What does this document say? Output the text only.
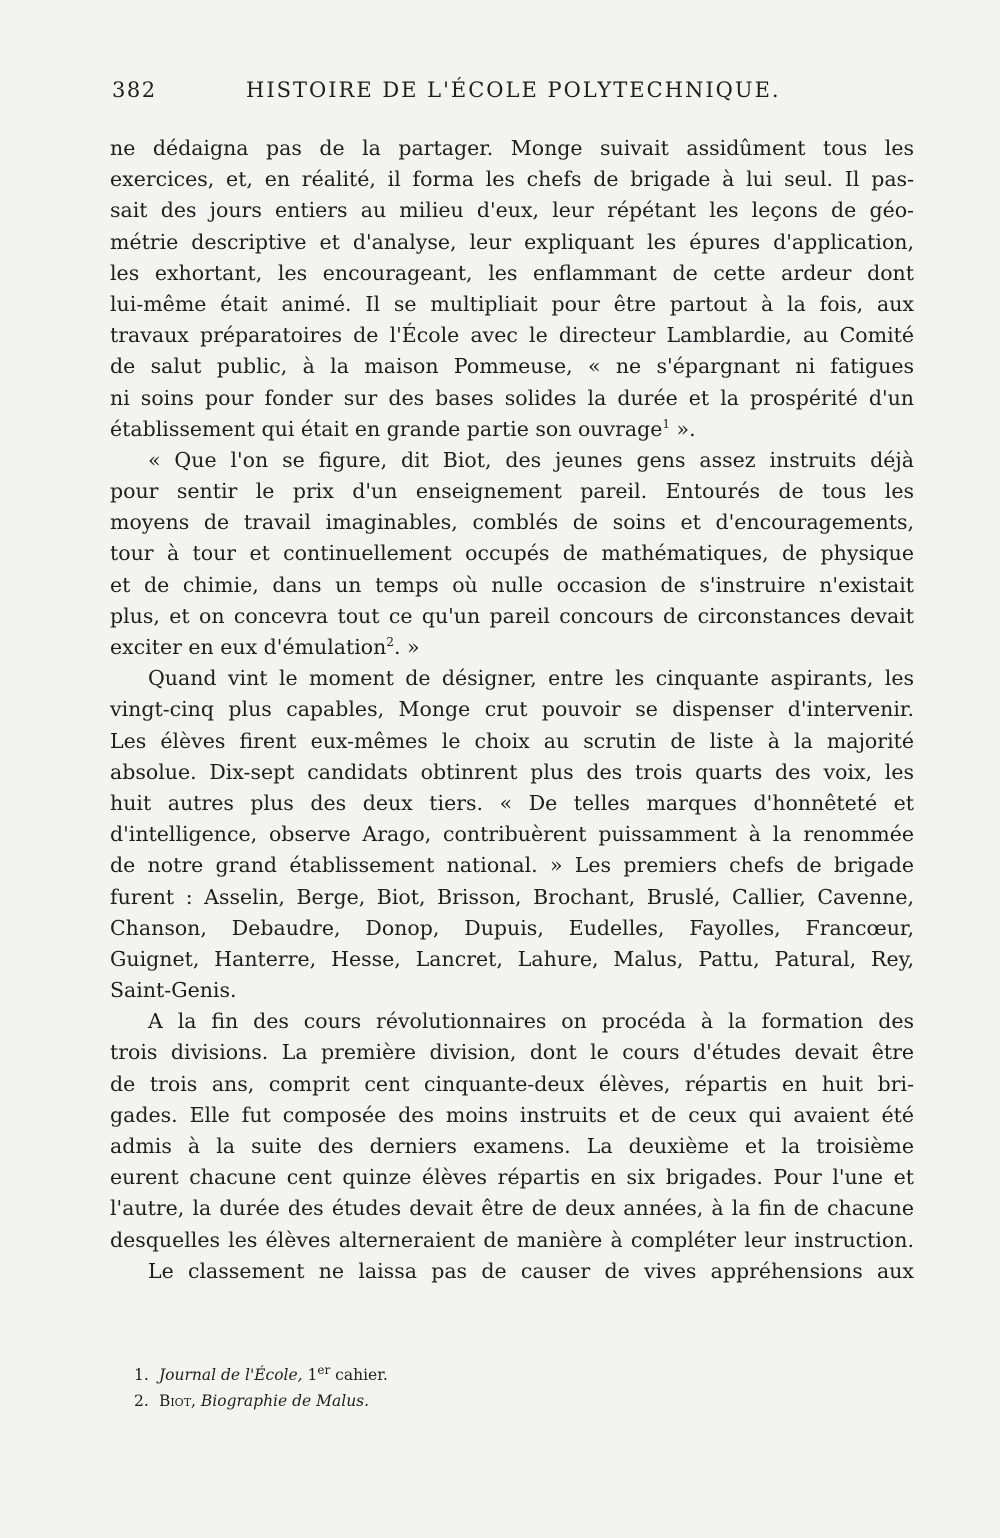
382	HISTOIRE DE L'ÉCOLE POLYTECHNIQUE.
ne dédaigna pas de la partager. Monge suivait assidûment tous les
exercices, et, en réalité, il forma les chefs de brigade à lui seul. Il pas-
sait des jours entiers au milieu d'eux, leur répétant les leçons de géo-
métrie descriptive et d'analyse, leur expliquant les épures d'application,
les exhortant, les encourageant, les enflammant de cette ardeur dont
lui-même était animé. Il se multipliait pour être partout à la fois, aux
travaux préparatoires de l'École avec le directeur Lamblardie, au Comité
de salut public, à la maison Pommeuse, « ne s'épargnant ni fatigues
ni soins pour fonder sur des bases solides la durée et la prospérité d'un
établissement qui était en grande partie son ouvrage$^1$ ».
« Que l'on se figure, dit Biot, des jeunes gens assez instruits déjà
pour sentir le prix d'un enseignement pareil. Entourés de tous les
moyens de travail imaginables, comblés de soins et d'encouragements,
tour à tour et continuellement occupés de mathématiques, de physique
et de chimie, dans un temps où nulle occasion de s'instruire n'existait
plus, et on concevra tout ce qu'un pareil concours de circonstances devait
exciter en eux d'émulation$^2$. »
Quand vint le moment de désigner, entre les cinquante aspirants, les
vingt-cinq plus capables, Monge crut pouvoir se dispenser d'intervenir.
Les élèves firent eux-mêmes le choix au scrutin de liste à la majorité
absolue. Dix-sept candidats obtinrent plus des trois quarts des voix, les
huit autres plus des deux tiers. « De telles marques d'honnêteté et
d'intelligence, observe Arago, contribuèrent puissamment à la renommée
de notre grand établissement national. » Les premiers chefs de brigade
furent : Asselin, Berge, Biot, Brisson, Brochant, Bruslé, Callier, Cavenne,
Chanson, Debaudre, Donop, Dupuis, Eudelles, Fayolles, Francœur,
Guignet, Hanterre, Hesse, Lancret, Lahure, Malus, Pattu, Patural, Rey,
Saint-Genis.
A la fin des cours révolutionnaires on procéda à la formation des
trois divisions. La première division, dont le cours d'études devait être
de trois ans, comprit cent cinquante-deux élèves, répartis en huit bri-
gades. Elle fut composée des moins instruits et de ceux qui avaient été
admis à la suite des derniers examens. La deuxième et la troisième
eurent chacune cent quinze élèves répartis en six brigades. Pour l'une et
l'autre, la durée des études devait être de deux années, à la fin de chacune
desquelles les élèves alterneraient de manière à compléter leur instruction.
Le classement ne laissa pas de causer de vives appréhensions aux
1. Journal de l'École, 1er cahier.
2. Biot, Biographie de Malus.
